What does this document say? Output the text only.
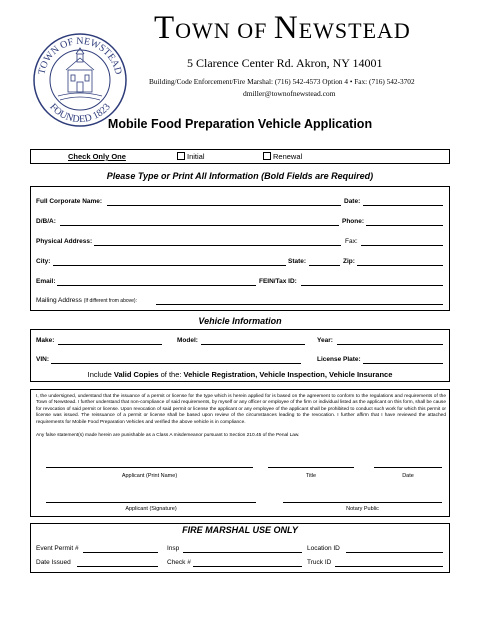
TOWN OF NEWSTEAD
FOUNDED 1823
TOWN OF NEWSTEAD
5 Clarence Center Rd. Akron, NY 14001
Building/Code Enforcement/Fire Marshal: (716) 542-4573 Option 4 • Fax: (716) 542-3702
dmiller@townofnewstead.com
Mobile Food Preparation Vehicle Application
Check Only One	Initial	Renewal
Please Type or Print All Information (Bold Fields are Required)
Full Corporate Name:	Date:
D/B/A:	Phone:
Physical Address:	Fax:
City:	State:	Zip:
Email:	FEIN/Tax ID:
Mailing Address (If different from above):
Vehicle Information
Make:	Model:	Year:
VIN:	License Plate:
Include Valid Copies of the: Vehicle Registration, Vehicle Inspection, Vehicle Insurance
I, the undersigned, understand that the issuance of a permit or license for the type which is herein applied for is based on the agreement to conform to the regulations and requirements of the Town of Newstead. I further understand that non-compliance of said requirements, by myself or any officer or employee of the firm or individual listed as the applicant on this form, shall be cause for revocation of said permit or license. Upon revocation of said permit or license the applicant or any employee of the applicant shall be prohibited to conduct such work for which this permit or license was issued. The reissuance of a permit or license shall be based upon review of the circumstances leading to the revocation. I further affirm that I have reviewed the attached requirements for Mobile Food Preparation Vehicles and verified the above vehicle is in compliance.
Any false statement(s) made herein are punishable as a Class A misdemeanor pursuant to Section 210.45 of the Penal Law.
Applicant (Print Name)	Title	Date
Applicant (Signature)	Notary Public
FIRE MARSHAL USE ONLY
Event Permit #	Insp	Location ID
Date Issued	Check #	Truck ID
